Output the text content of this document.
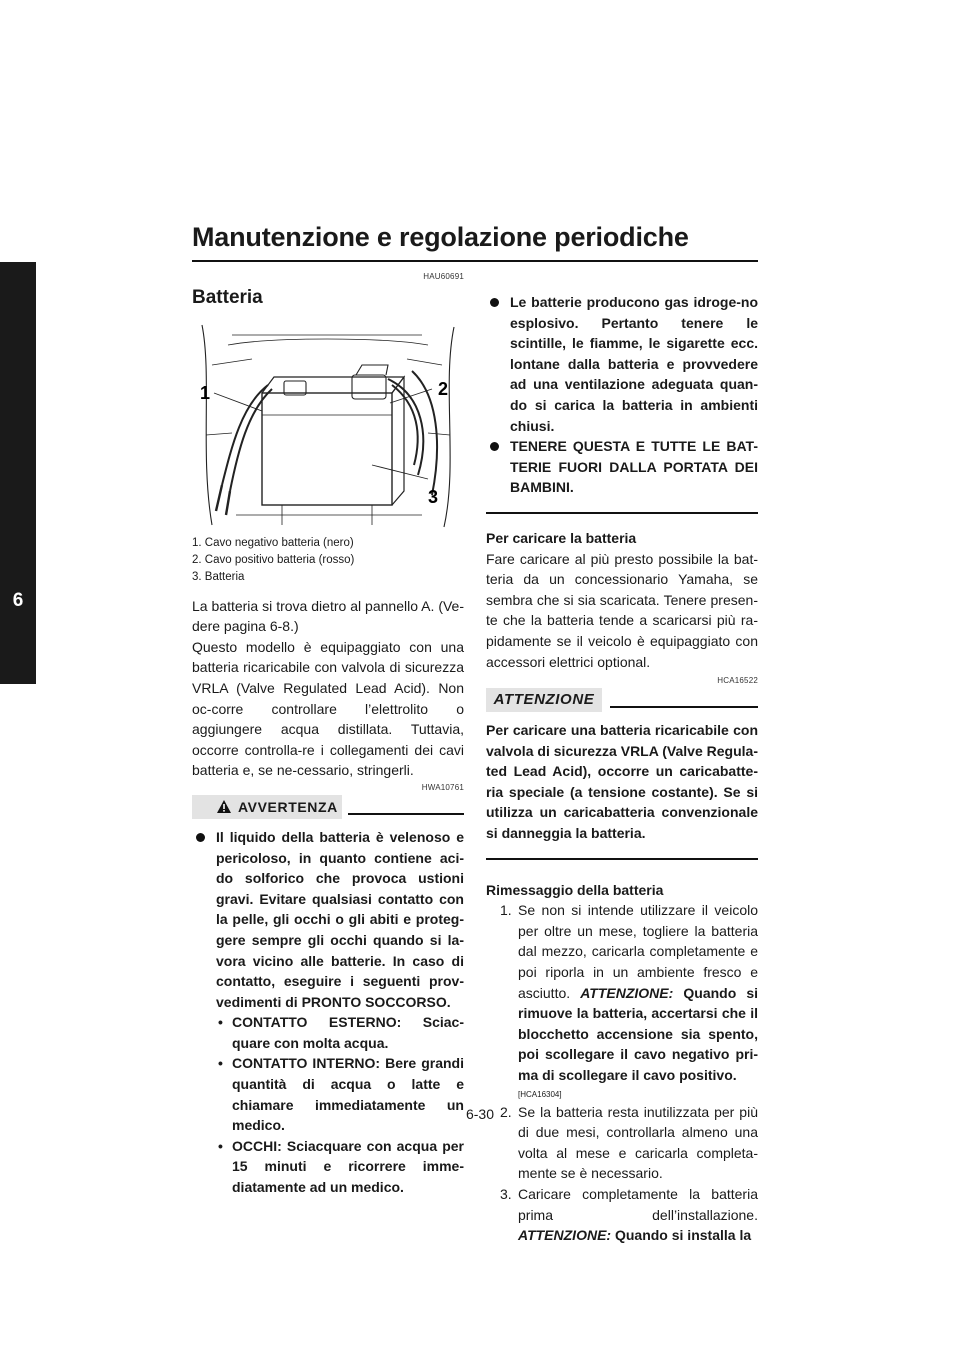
Manutenzione e regolazione periodiche
6
HAU60691
Batteria
1	2
3
1. Cavo negativo batteria (nero)
2. Cavo positivo batteria (rosso)
3. Batteria

La batteria si trova dietro al pannello A. (Ve-dere pagina 6-8.)

Questo modello è equipaggiato con una batteria ricaricabile con valvola di sicurezza VRLA (Valve Regulated Lead Acid). Non oc-corre controllare l’elettrolito o aggiungere acqua distillata. Tuttavia, occorre controlla-re i collegamenti dei cavi batteria e, se ne-cessario, stringerli.

HWA10761
AVVERTENZA
Il liquido della batteria è velenoso e pericoloso, in quanto contiene aci-do solforico che provoca ustioni gravi. Evitare qualsiasi contatto con la pelle, gli occhi o gli abiti e proteg-gere sempre gli occhi quando si la-vora vicino alle batterie. In caso di contatto, eseguire i seguenti prov-vedimenti di PRONTO SOCCORSO.
• CONTATTO ESTERNO: Sciac-quare con molta acqua.
• CONTATTO INTERNO: Bere grandi quantità di acqua o latte e chiamare immediatamente un medico.
• OCCHI: Sciacquare con acqua per 15 minuti e ricorrere imme-diatamente ad un medico.
Le batterie producono gas idroge-no esplosivo. Pertanto tenere le scintille, le fiamme, le sigarette ecc. lontane dalla batteria e provvedere ad una ventilazione adeguata quan-do si carica la batteria in ambienti chiusi.
TENERE QUESTA E TUTTE LE BAT-TERIE FUORI DALLA PORTATA DEI BAMBINI.
Per caricare la batteria

Fare caricare al più presto possibile la bat-teria da un concessionario Yamaha, se sembra che si sia scaricata. Tenere presen-te che la batteria tende a scaricarsi più ra-pidamente se il veicolo è equipaggiato con accessori elettrici optional.

HCA16522
ATTENZIONE

Per caricare una batteria ricaricabile con valvola di sicurezza VRLA (Valve Regula-ted Lead Acid), occorre un caricabatte-ria speciale (a tensione costante). Se si utilizza un caricabatteria convenzionale si danneggia la batteria.

Rimessaggio della batteria
1. Se non si intende utilizzare il veicolo per oltre un mese, togliere la batteria dal mezzo, caricarla completamente e poi riporla in un ambiente fresco e asciutto. ATTENZIONE: Quando si rimuove la batteria, accertarsi che il blocchetto accensione sia spento, poi scollegare il cavo negativo pri-ma di scollegare il cavo positivo.
[HCA16304]
2. Se la batteria resta inutilizzata per più di due mesi, controllarla almeno una volta al mese e caricarla completa-mente se è necessario.
3. Caricare completamente la batteria prima dell’installazione. ATTENZIONE: Quando si installa la
6-30
